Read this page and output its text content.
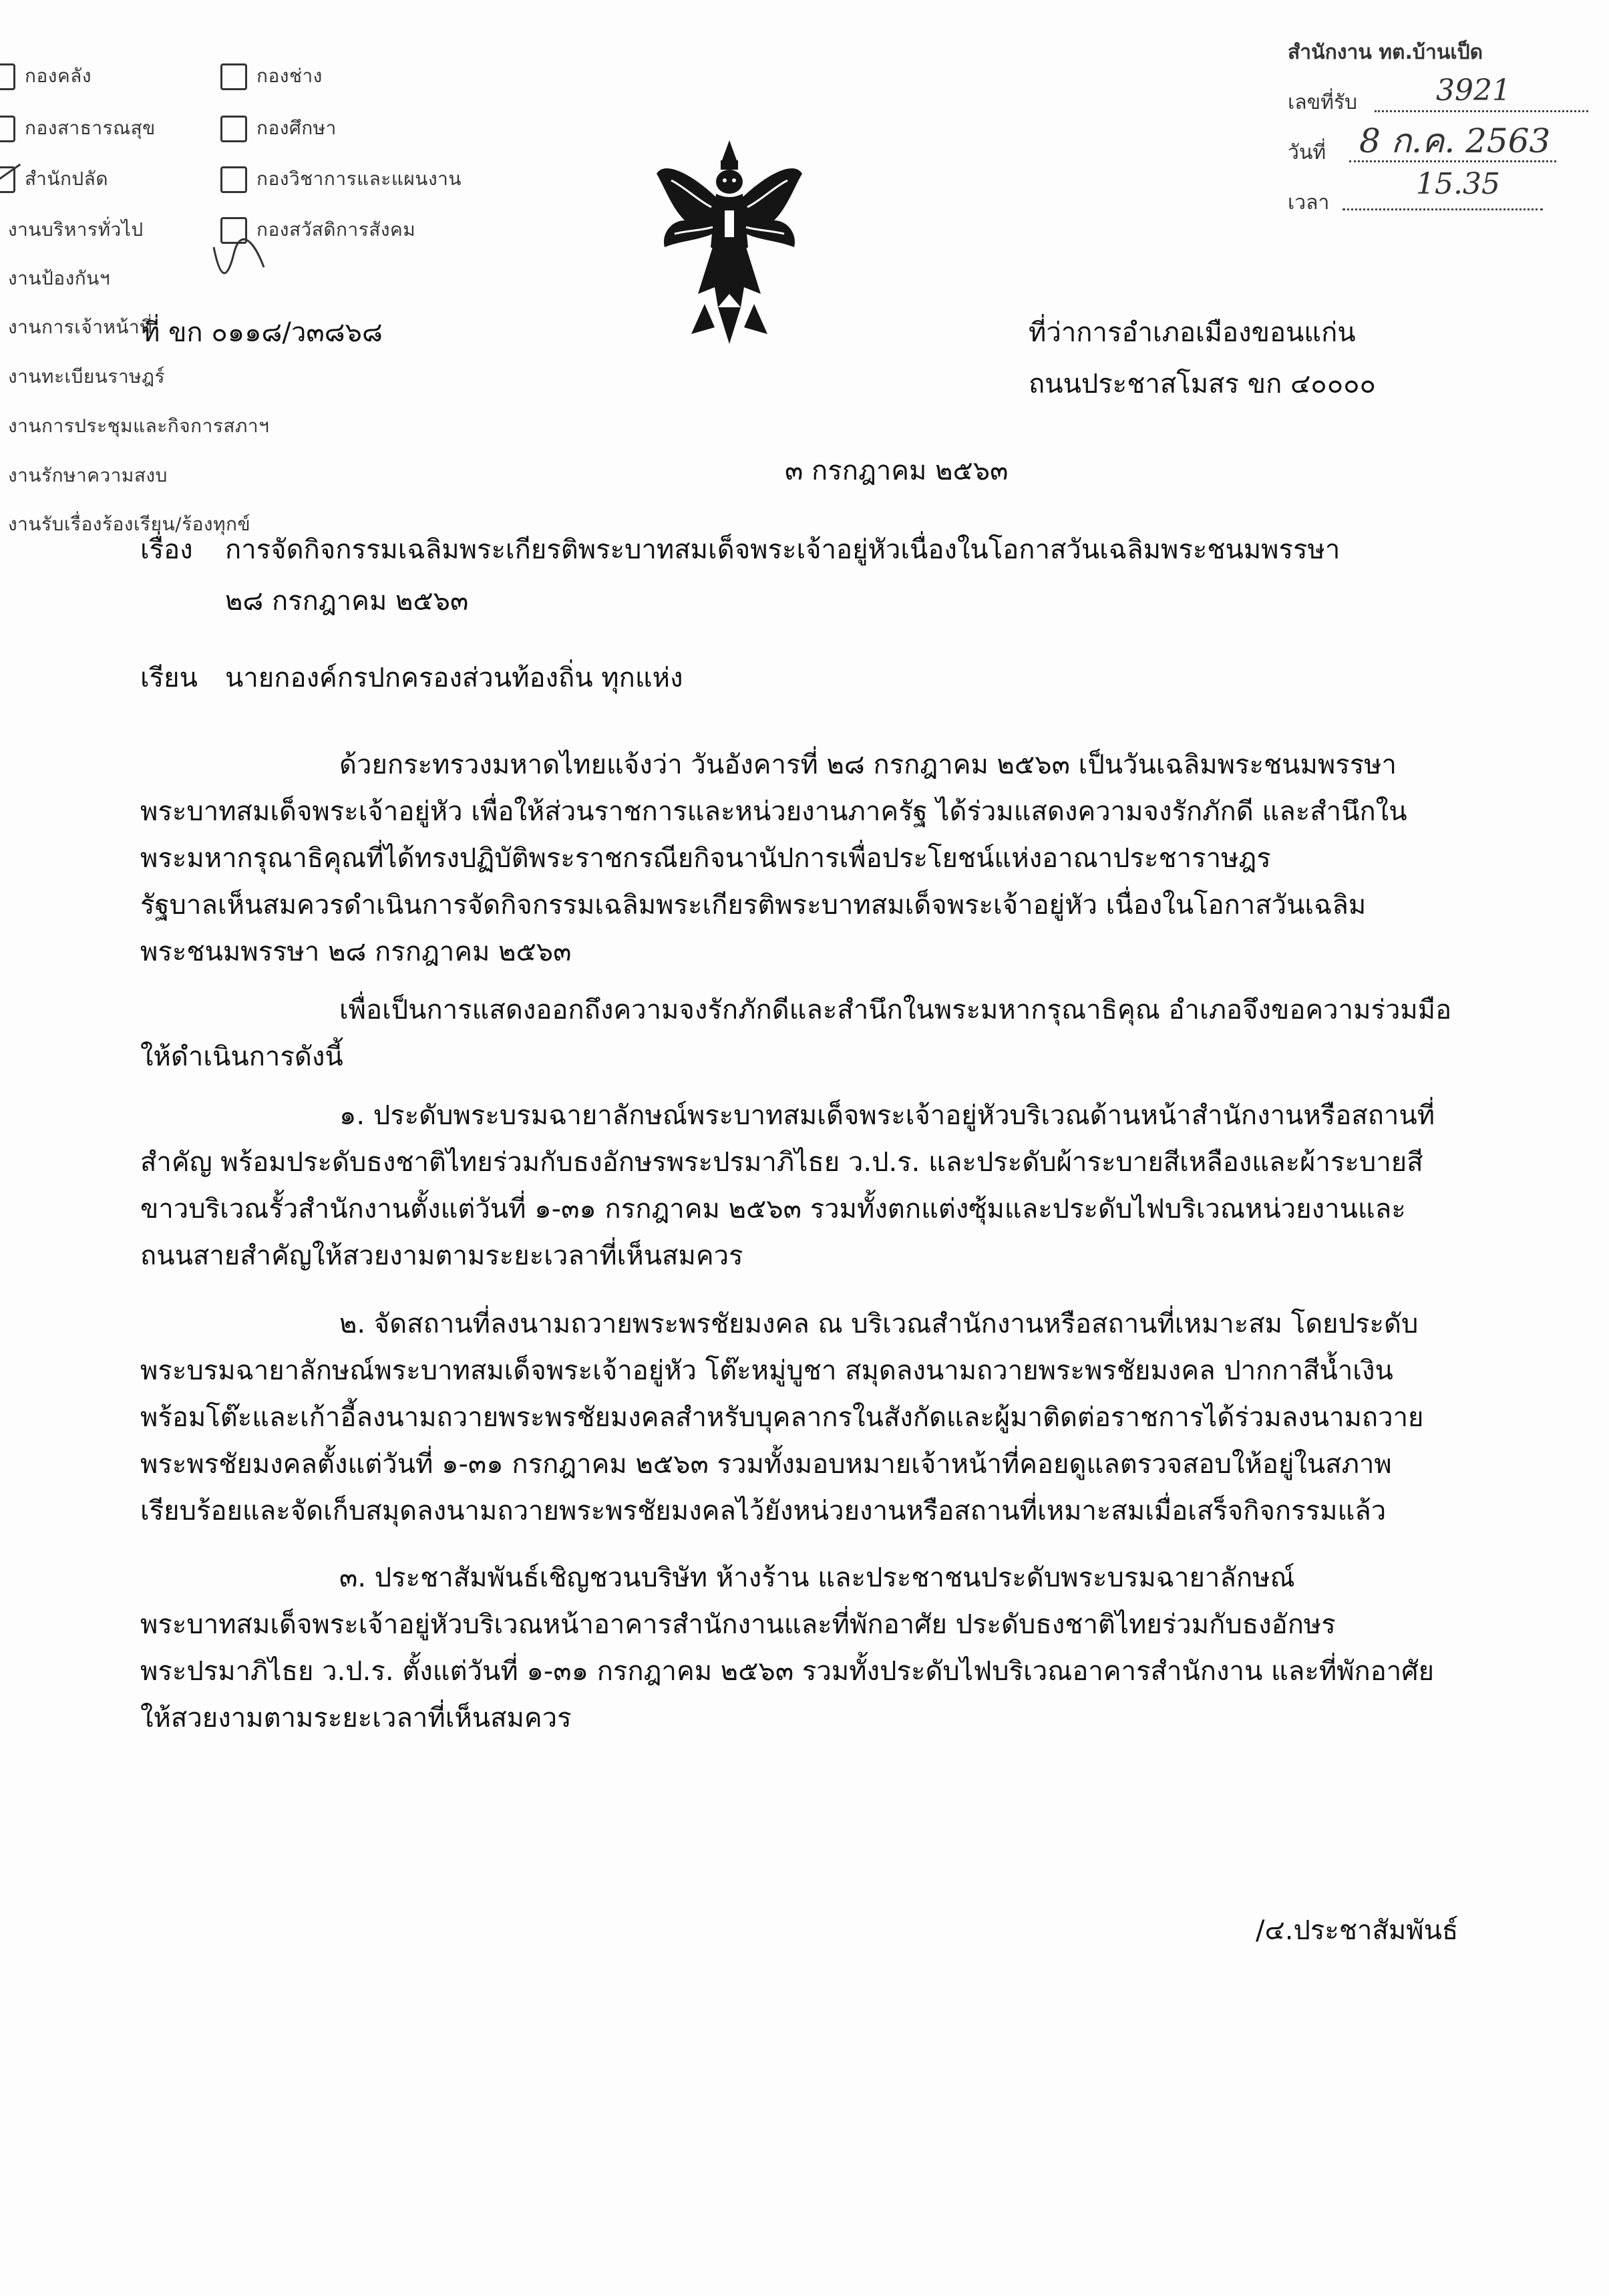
กองคลัง	กองช่าง
กองสาธารณสุข	กองศึกษา
สำนักปลัด	กองวิชาการและแผนงาน
งานบริหารทั่วไป	กองสวัสดิการสังคม
งานป้องกันฯ
งานการเจ้าหน้าที่
งานทะเบียนราษฎร์
งานการประชุมและกิจการสภาฯ
งานรักษาความสงบ
งานรับเรื่องร้องเรียน/ร้องทุกข์
สำนักงาน ทต.บ้านเป็ด
เลขที่รับ	3921
วันที่ 8 ก.ค. 2563
เวลา
15.35
ที่ ขก ๐๑๑๘/ว๓๘๖๘	ที่ว่าการอำเภอเมืองขอนแก่น
ถนนประชาสโมสร ขก ๔๐๐๐๐
๓ กรกฎาคม ๒๕๖๓
เรื่อง การจัดกิจกรรมเฉลิมพระเกียรติพระบาทสมเด็จพระเจ้าอยู่หัวเนื่องในโอกาสวันเฉลิมพระชนมพรรษา
๒๘ กรกฎาคม ๒๕๖๓
เรียน นายกองค์กรปกครองส่วนท้องถิ่น ทุกแห่ง
ด้วยกระทรวงมหาดไทยแจ้งว่า วันอังคารที่ ๒๘ กรกฎาคม ๒๕๖๓ เป็นวันเฉลิมพระชนมพรรษา
พระบาทสมเด็จพระเจ้าอยู่หัว เพื่อให้ส่วนราชการและหน่วยงานภาครัฐ ได้ร่วมแสดงความจงรักภักดี และสำนึกใน
พระมหากรุณาธิคุณที่ได้ทรงปฏิบัติพระราชกรณียกิจนานัปการเพื่อประโยชน์แห่งอาณาประชาราษฎร
รัฐบาลเห็นสมควรดำเนินการจัดกิจกรรมเฉลิมพระเกียรติพระบาทสมเด็จพระเจ้าอยู่หัว เนื่องในโอกาสวันเฉลิม
พระชนมพรรษา ๒๘ กรกฎาคม ๒๕๖๓
เพื่อเป็นการแสดงออกถึงความจงรักภักดีและสำนึกในพระมหากรุณาธิคุณ อำเภอจึงขอความร่วมมือ
ให้ดำเนินการดังนี้
๑. ประดับพระบรมฉายาลักษณ์พระบาทสมเด็จพระเจ้าอยู่หัวบริเวณด้านหน้าสำนักงานหรือสถานที่
สำคัญ พร้อมประดับธงชาติไทยร่วมกับธงอักษรพระปรมาภิไธย ว.ป.ร. และประดับผ้าระบายสีเหลืองและผ้าระบายสี
ขาวบริเวณรั้วสำนักงานตั้งแต่วันที่ ๑-๓๑ กรกฎาคม ๒๕๖๓ รวมทั้งตกแต่งซุ้มและประดับไฟบริเวณหน่วยงานและ
ถนนสายสำคัญให้สวยงามตามระยะเวลาที่เห็นสมควร
๒. จัดสถานที่ลงนามถวายพระพรชัยมงคล ณ บริเวณสำนักงานหรือสถานที่เหมาะสม โดยประดับ
พระบรมฉายาลักษณ์พระบาทสมเด็จพระเจ้าอยู่หัว โต๊ะหมู่บูชา สมุดลงนามถวายพระพรชัยมงคล ปากกาสีน้ำเงิน
พร้อมโต๊ะและเก้าอี้ลงนามถวายพระพรชัยมงคลสำหรับบุคลากรในสังกัดและผู้มาติดต่อราชการได้ร่วมลงนามถวาย
พระพรชัยมงคลตั้งแต่วันที่ ๑-๓๑ กรกฎาคม ๒๕๖๓ รวมทั้งมอบหมายเจ้าหน้าที่คอยดูแลตรวจสอบให้อยู่ในสภาพ
เรียบร้อยและจัดเก็บสมุดลงนามถวายพระพรชัยมงคลไว้ยังหน่วยงานหรือสถานที่เหมาะสมเมื่อเสร็จกิจกรรมแล้ว
๓. ประชาสัมพันธ์เชิญชวนบริษัท ห้างร้าน และประชาชนประดับพระบรมฉายาลักษณ์
พระบาทสมเด็จพระเจ้าอยู่หัวบริเวณหน้าอาคารสำนักงานและที่พักอาศัย ประดับธงชาติไทยร่วมกับธงอักษร
พระปรมาภิไธย ว.ป.ร. ตั้งแต่วันที่ ๑-๓๑ กรกฎาคม ๒๕๖๓ รวมทั้งประดับไฟบริเวณอาคารสำนักงาน และที่พักอาศัย
ให้สวยงามตามระยะเวลาที่เห็นสมควร
/๔.ประชาสัมพันธ์
